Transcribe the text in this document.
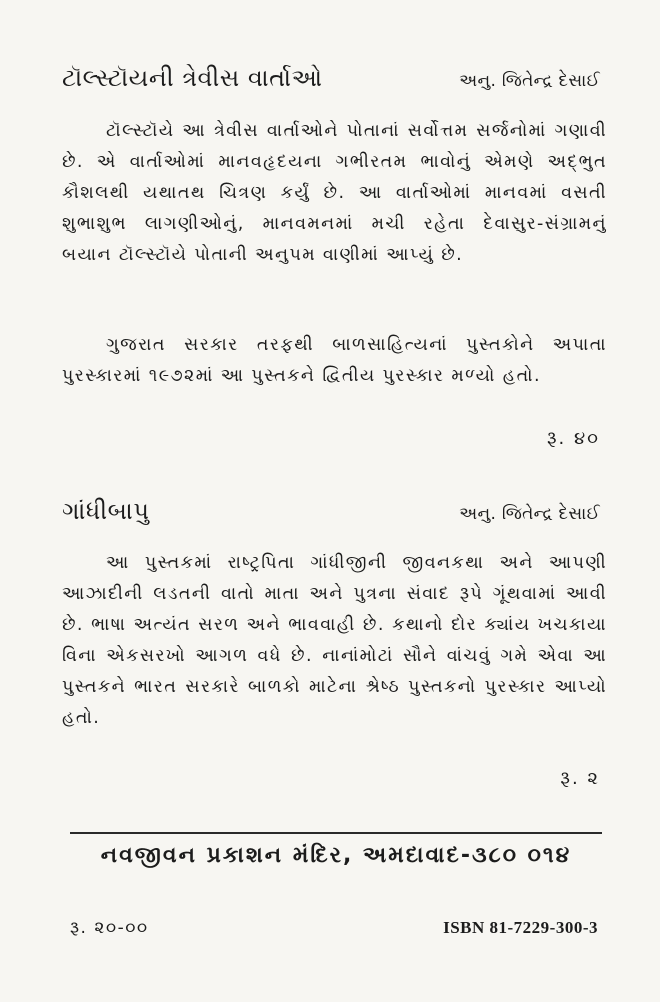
ટૉલ્સ્ટૉયની ત્રેવીસ વાર્તાઓ	અનુ. જિતેન્દ્ર દેસાઈ

ટૉલ્સ્ટૉયે આ ત્રેવીસ વાર્તાઓને પોતાનાં સર્વોત્તમ સર્જનોમાં ગણાવી છે. એ વાર્તાઓમાં માનવહૃદયના ગભીરતમ ભાવોનું એમણે અદ્ભુત કૌશલથી યથાતથ ચિત્રણ કર્યું છે. આ વાર્તાઓમાં માનવમાં વસતી શુભાશુભ લાગણીઓનું, માનવમનમાં મચી રહેતા દેવાસુર-સંગ્રામનું બયાન ટૉલ્સ્ટૉયે પોતાની અનુપમ વાણીમાં આપ્યું છે.

ગુજરાત સરકાર તરફથી બાળસાહિત્યનાં પુસ્તકોને અપાતા પુરસ્કારમાં ૧૯૭૨માં આ પુસ્તકને દ્વિતીય પુરસ્કાર મળ્યો હતો.

રૂ. ૪૦
ગાંધીબાપુ	અનુ. જિતેન્દ્ર દેસાઈ

આ પુસ્તકમાં રાષ્ટ્રપિતા ગાંધીજીની જીવનકથા અને આપણી આઝાદીની લડતની વાતો માતા અને પુત્રના સંવાદ રૂપે ગૂંથવામાં આવી છે. ભાષા અત્યંત સરળ અને ભાવવાહી છે. કથાનો દોર ક્યાંય ખચકાયા વિના એકસરખો આગળ વધે છે. નાનાંમોટાં સૌને વાંચવું ગમે એવા આ પુસ્તકને ભારત સરકારે બાળકો માટેના શ્રેષ્ઠ પુસ્તકનો પુરસ્કાર આપ્યો હતો.

રૂ. ૨
નવજીવન પ્રકાશન મંદિર, અમદાવાદ-૩૮૦ ૦૧૪
રૂ. ૨૦-૦૦	ISBN 81-7229-300-3
